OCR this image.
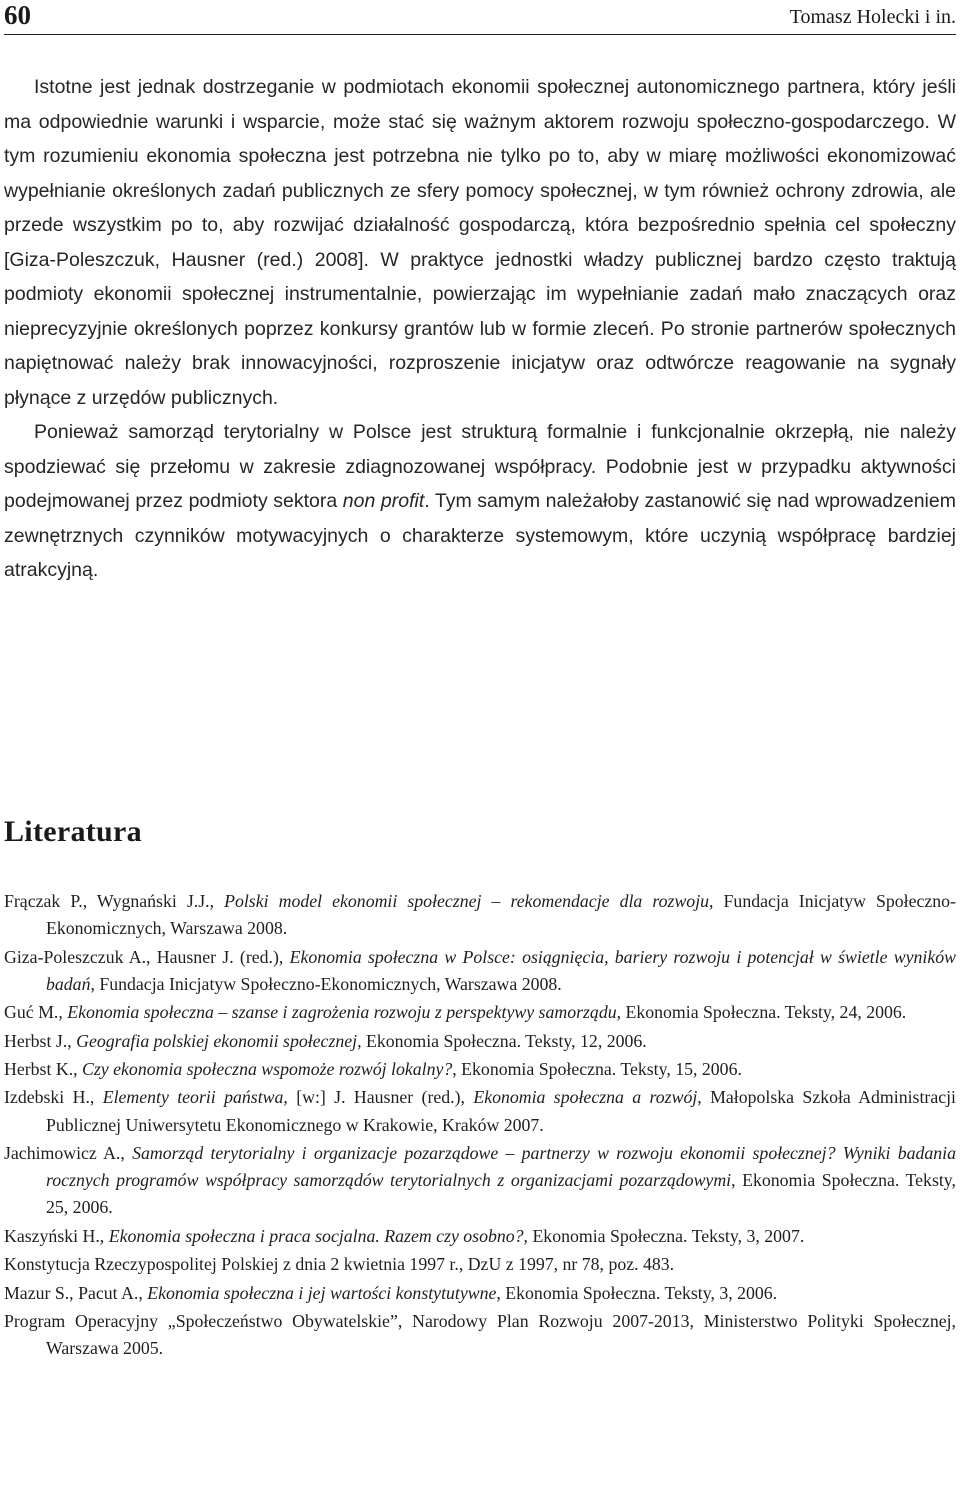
60	Tomasz Holecki i in.

Istotne jest jednak dostrzeganie w podmiotach ekonomii społecznej autonomicznego partnera, który jeśli ma odpowiednie warunki i wsparcie, może stać się ważnym aktorem rozwoju społeczno-gospodarczego. W tym rozumieniu ekonomia społeczna jest potrzebna nie tylko po to, aby w miarę możliwości ekonomizować wypełnianie określonych zadań publicznych ze sfery pomocy społecznej, w tym również ochrony zdrowia, ale przede wszystkim po to, aby rozwijać działalność gospodarczą, która bezpośrednio spełnia cel społeczny [Giza-Poleszczuk, Hausner (red.) 2008]. W praktyce jednostki władzy publicznej bardzo często traktują podmioty ekonomii społecznej instrumentalnie, powierzając im wypełnianie zadań mało znaczących oraz nieprecyzyjnie określonych poprzez konkursy grantów lub w formie zleceń. Po stronie partnerów społecznych napiętnować należy brak innowacyjności, rozproszenie inicjatyw oraz odtwórcze reagowanie na sygnały płynące z urzędów publicznych.

Ponieważ samorząd terytorialny w Polsce jest strukturą formalnie i funkcjonalnie okrzepłą, nie należy spodziewać się przełomu w zakresie zdiagnozowanej współpracy. Podobnie jest w przypadku aktywności podejmowanej przez podmioty sektora non profit. Tym samym należałoby zastanowić się nad wprowadzeniem zewnętrznych czynników motywacyjnych o charakterze systemowym, które uczynią współpracę bardziej atrakcyjną.

Literatura
Frączak P., Wygnański J.J., Polski model ekonomii społecznej – rekomendacje dla rozwoju, Fundacja Inicjatyw Społeczno-Ekonomicznych, Warszawa 2008.
Giza-Poleszczuk A., Hausner J. (red.), Ekonomia społeczna w Polsce: osiągnięcia, bariery rozwoju i potencjał w świetle wyników badań, Fundacja Inicjatyw Społeczno-Ekonomicznych, Warszawa 2008.
Guć M., Ekonomia społeczna – szanse i zagrożenia rozwoju z perspektywy samorządu, Ekonomia Społeczna. Teksty, 24, 2006.
Herbst J., Geografia polskiej ekonomii społecznej, Ekonomia Społeczna. Teksty, 12, 2006.
Herbst K., Czy ekonomia społeczna wspomoże rozwój lokalny?, Ekonomia Społeczna. Teksty, 15, 2006.
Izdebski H., Elementy teorii państwa, [w:] J. Hausner (red.), Ekonomia społeczna a rozwój, Małopolska Szkoła Administracji Publicznej Uniwersytetu Ekonomicznego w Krakowie, Kraków 2007.
Jachimowicz A., Samorząd terytorialny i organizacje pozarządowe – partnerzy w rozwoju ekonomii społecznej? Wyniki badania rocznych programów współpracy samorządów terytorialnych z organizacjami pozarządowymi, Ekonomia Społeczna. Teksty, 25, 2006.
Kaszyński H., Ekonomia społeczna i praca socjalna. Razem czy osobno?, Ekonomia Społeczna. Teksty, 3, 2007.
Konstytucja Rzeczypospolitej Polskiej z dnia 2 kwietnia 1997 r., DzU z 1997, nr 78, poz. 483.
Mazur S., Pacut A., Ekonomia społeczna i jej wartości konstytutywne, Ekonomia Społeczna. Teksty, 3, 2006.
Program Operacyjny „Społeczeństwo Obywatelskie”, Narodowy Plan Rozwoju 2007-2013, Ministerstwo Polityki Społecznej, Warszawa 2005.
